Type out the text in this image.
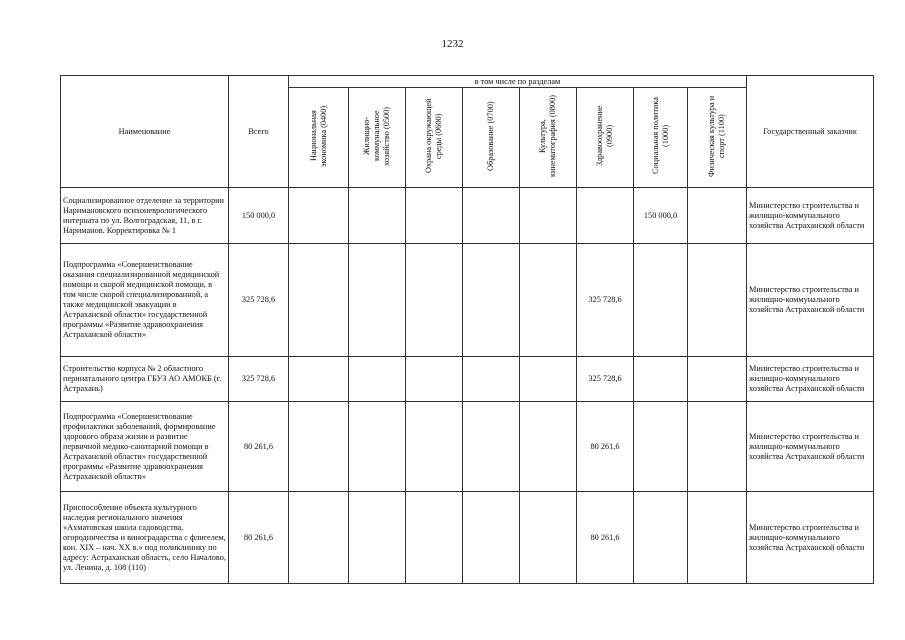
1232
Наименование	Всего	в том числе по разделам								Государственный заказчик
		Национальная экономика (0400)	Жилищно-коммунальное хозяйство (0500)	Охрана окружающей среды (0600)	Образование (0700)	Культура, кинематография (0800)	Здравоохранение (0900)	Социальная политика (1000)	Физическая культура и спорт (1100)	
Социализированное отделение за территории Наримановского психоневрологического интерната по ул. Волгоградская, 11, в г. Нариманов. Корректировка № 1	150 000,0							150 000,0		Министерство строительства и жилищно-коммунального хозяйства Астраханской области
Подпрограмма «Совершенствование оказания специализированной медицинской помощи и скорой медицинской помощи, в том числе скорой специализированной, а также медицинской эвакуации в Астраханской области» государственной программы «Развитие здравоохранения Астраханской области»	325 728,6						325 728,6			Министерство строительства и жилищно-коммунального хозяйства Астраханской области
Строительство корпуса № 2 областного перинатального центра ГБУЗ АО АМОКБ (г. Астрахань)	325 728,6						325 728,6			Министерство строительства и жилищно-коммунального хозяйства Астраханской области
Подпрограмма «Совершенствование профилактики заболеваний, формирование здорового образа жизни и развитие первичной медико-санитарной помощи в Астраханской области» государственной программы «Развитие здравоохранения Астраханской области»	80 261,6						80 261,6			Министерство строительства и жилищно-коммунального хозяйства Астраханской области
Приспособление объекта культурного наследия регионального значения «Ахматовская школа садоводства, огородничества и виноградарства с флигелем, кон. XIX – нач. XX в.» под поликлинику по адресу: Астраханская область, село Началово, ул. Ленина, д. 108 (110)	80 261,6						80 261,6			Министерство строительства и жилищно-коммунального хозяйства Астраханской области
